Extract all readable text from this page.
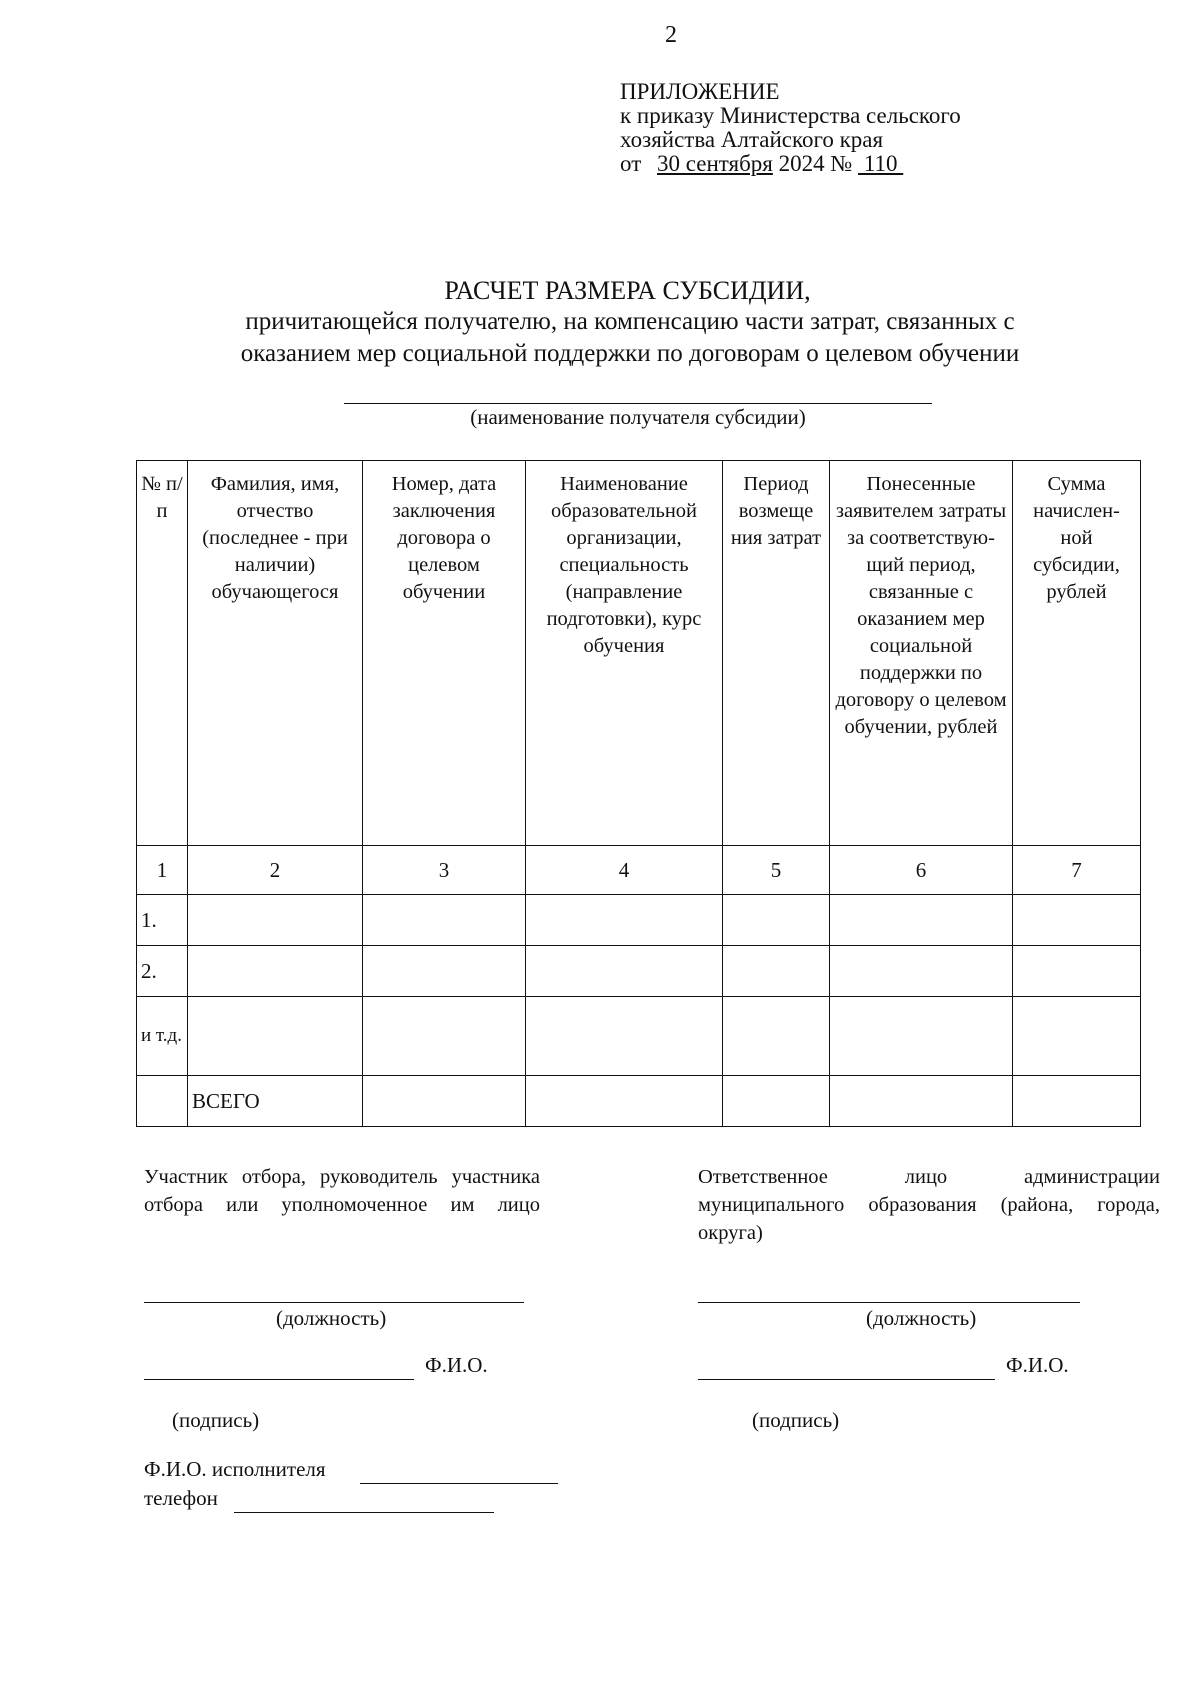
2
ПРИЛОЖЕНИЕ
к приказу Министерства сельского
хозяйства Алтайского края
от 30 сентября 2024 №  110
РАСЧЕТ РАЗМЕРА СУБСИДИИ,
причитающейся получателю, на компенсацию части затрат, связанных с
оказанием мер социальной поддержки по договорам о целевом обучении
(наименование получателя субсидии)
№ п/п	Фамилия, имя, отчество (последнее - при наличии) обучающегося	Номер, дата заключения договора о целевом обучении	Наименование образовательной организации, специальность (направление подготовки), курс обучения	Период возмеще ния затрат	Понесенные заявителем затраты за соответствую- щий период, связанные с оказанием мер социальной поддержки по договору о целевом обучении, рублей	Сумма начислен- ной субсидии, рублей
1	2	3	4	5	6	7
1.						
2.						
и т.д.						
	ВСЕГО					
Участник отбора, руководитель участника отбора или уполномоченное им лицо
Ответственное лицо администрации муниципального образования (района, города, округа)
(должность)	(должность)
Ф.И.О.	Ф.И.О.
(подпись)	(подпись)
Ф.И.О. исполнителя
телефон
